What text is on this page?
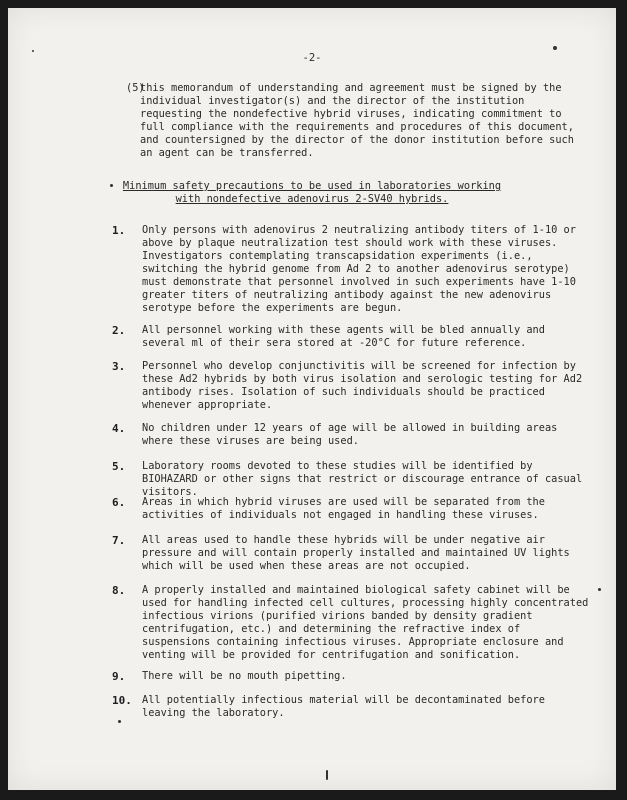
-2-
(5)
this memorandum of understanding and agreement must be signed by the individual investigator(s) and the director of the institution requesting the nondefective hybrid viruses, indicating commitment to full compliance with the requirements and procedures of this document, and countersigned by the director of the donor institution before such an agent can be transferred.
Minimum safety precautions to be used in laboratories working
with nondefective adenovirus 2-SV40 hybrids.
1.	Only persons with adenovirus 2 neutralizing antibody titers of 1-10 or above by plaque neutralization test should work with these viruses. Investigators contemplating transcapsidation experiments (i.e., switching the hybrid genome from Ad 2 to another adenovirus serotype) must demonstrate that personnel involved in such experiments have 1-10 greater titers of neutralizing antibody against the new adenovirus serotype before the experiments are begun.
2.	All personnel working with these agents will be bled annually and several ml of their sera stored at -20°C for future reference.
3.	Personnel who develop conjunctivitis will be screened for infection by these Ad2 hybrids by both virus isolation and serologic testing for Ad2 antibody rises. Isolation of such individuals should be practiced whenever appropriate.
4.	No children under 12 years of age will be allowed in building areas where these viruses are being used.
5.	Laboratory rooms devoted to these studies will be identified by BIOHAZARD or other signs that restrict or discourage entrance of casual visitors.
6.	Areas in which hybrid viruses are used will be separated from the activities of individuals not engaged in handling these viruses.
7.	All areas used to handle these hybrids will be under negative air pressure and will contain properly installed and maintained UV lights which will be used when these areas are not occupied.
8.	A properly installed and maintained biological safety cabinet will be used for handling infected cell cultures, processing highly concentrated infectious virions (purified virions banded by density gradient centrifugation, etc.) and determining the refractive index of suspensions containing infectious viruses. Appropriate enclosure and venting will be provided for centrifugation and sonification.
9.	There will be no mouth pipetting.
10. All potentially infectious material will be decontaminated before leaving the laboratory.
